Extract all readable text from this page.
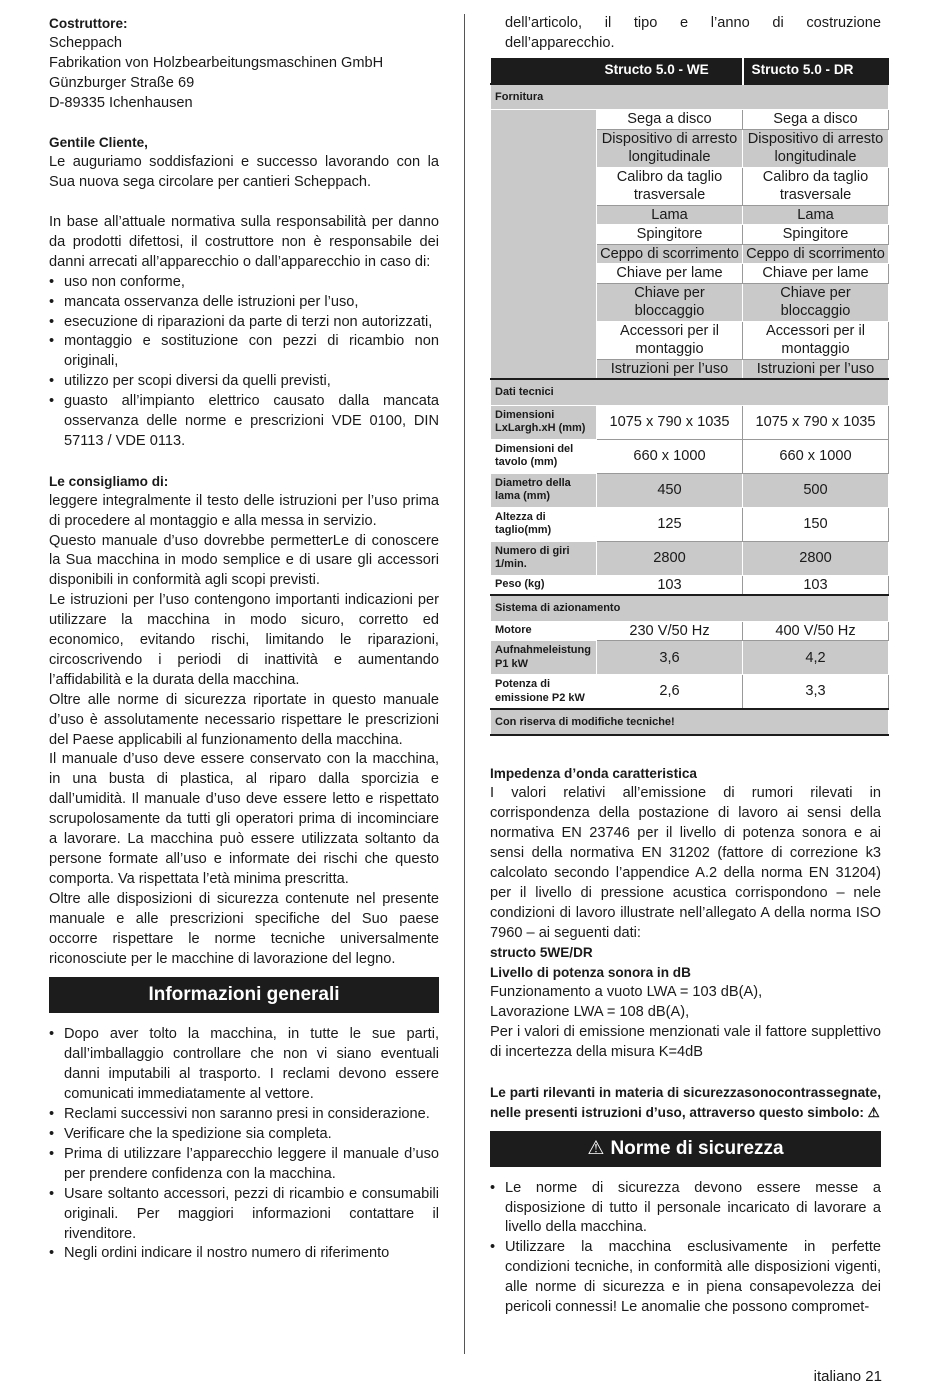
Costruttore:
Scheppach
Fabrikation von Holzbearbeitungsmaschinen GmbH
Günzburger Straße 69
D-89335 Ichenhausen
Gentile Cliente,
Le auguriamo soddisfazioni e successo lavorando con la Sua nuova sega circolare per cantieri Scheppach.
In base all’attuale normativa sulla responsabilità per danno da prodotti difettosi, il costruttore non è responsabile dei danni arrecati all’apparecchio o dall’apparecchio in caso di:
• uso non conforme,
• mancata osservanza delle istruzioni per l’uso,
• esecuzione di riparazioni da parte di terzi non autorizzati,
• montaggio e sostituzione con pezzi di ricambio non originali,
• utilizzo per scopi diversi da quelli previsti,
• guasto all’impianto elettrico causato dalla mancata osservanza delle norme e prescrizioni VDE 0100, DIN 57113 / VDE 0113.
Le consigliamo di:
leggere integralmente il testo delle istruzioni per l’uso prima di procedere al montaggio e alla messa in servizio.
Questo manuale d’uso dovrebbe permetterLe di conoscere la Sua macchina in modo semplice e di usare gli accessori disponibili in conformità agli scopi previsti.
Le istruzioni per l’uso contengono importanti indicazioni per utilizzare la macchina in modo sicuro, corretto ed economico, evitando rischi, limitando le riparazioni, circoscrivendo i periodi di inattività e aumentando l’affidabilità e la durata della macchina.
Oltre alle norme di sicurezza riportate in questo manuale d’uso è assolutamente necessario rispettare le prescrizioni del Paese applicabili al funzionamento della macchina.
Il manuale d’uso deve essere conservato con la macchina, in una busta di plastica, al riparo dalla sporcizia e dall’umidità. Il manuale d’uso deve essere letto e rispettato scrupolosamente da tutti gli operatori prima di incominciare a lavorare. La macchina può essere utilizzata soltanto da persone formate all’uso e informate dei rischi che questo comporta. Va rispettata l’età minima prescritta.
Oltre alle disposizioni di sicurezza contenute nel presente manuale e alle prescrizioni specifiche del Suo paese occorre rispettare le norme tecniche universalmente riconosciute per le macchine di lavorazione del legno.
Informazioni generali
• Dopo aver tolto la macchina, in tutte le sue parti, dall’imballaggio controllare che non vi siano eventuali danni imputabili al trasporto. I reclami devono essere comunicati immediatamente al vettore.
• Reclami successivi non saranno presi in considerazione.
• Verificare che la spedizione sia completa.
• Prima di utilizzare l’apparecchio leggere il manuale d’uso per prendere confidenza con la macchina.
• Usare soltanto accessori, pezzi di ricambio e consumabili originali. Per maggiori informazioni contattare il rivenditore.
• Negli ordini indicare il nostro numero di riferimento
dell’articolo, il tipo e l’anno di costruzione dell’apparecchio.
	Structo 5.0 - WE	Structo 5.0 - DR
Fornitura		
	Sega a disco	Sega a disco
	Dispositivo di arresto longitudinale	Dispositivo di arresto longitudinale
	Calibro da taglio trasversale	Calibro da taglio trasversale
	Lama	Lama
	Spingitore	Spingitore
	Ceppo di scorrimento	Ceppo di scorrimento
	Chiave per lame	Chiave per lame
	Chiave per bloccaggio	Chiave per bloccaggio
	Accessori per il montaggio	Accessori per il montaggio
	Istruzioni per l’uso	Istruzioni per l’uso
Dati tecnici		
Dimensioni LxLargh.xH (mm)	1075 x 790 x 1035	1075 x 790 x 1035
Dimensioni del tavolo (mm)	660 x 1000	660 x 1000
Diametro della lama (mm)	450	500
Altezza di taglio(mm)	125	150
Numero di giri 1/min.	2800	2800
Peso (kg)	103	103
Sistema di azionamento		
Motore	230 V/50 Hz	400 V/50 Hz
Aufnahmeleistung P1 kW	3,6	4,2
Potenza di emissione P2 kW	2,6	3,3
Con riserva di modifiche tecniche!		
Impedenza d’onda caratteristica
I valori relativi all’emissione di rumori rilevati in corrispondenza della postazione di lavoro ai sensi della normativa EN 23746 per il livello di potenza sonora e ai sensi della normativa EN 31202 (fattore di correzione k3 calcolato secondo l’appendice A.2 della norma EN 31204) per il livello di pressione acustica corrispondono – nele condizioni di lavoro illustrate nell’allegato A della norma ISO 7960 – ai seguenti dati:
structo 5WE/DR
Livello di potenza sonora in dB
Funzionamento a vuoto LWA = 103 dB(A),
Lavorazione LWA = 108 dB(A),
Per i valori di emissione menzionati vale il fattore supplettivo di incertezza della misura K=4dB
Le parti rilevanti in materia di sicurezzasonocontrassegnate, nelle presenti istruzioni d’uso, attraverso questo simbolo: ⚠
⚠ Norme di sicurezza
• Le norme di sicurezza devono essere messe a disposizione di tutto il personale incaricato di lavorare a livello della macchina.
• Utilizzare la macchina esclusivamente in perfette condizioni tecniche, in conformità alle disposizioni vigenti, alle norme di sicurezza e in piena consapevolezza dei pericoli connessi! Le anomalie che possono compromet-
italiano 21
